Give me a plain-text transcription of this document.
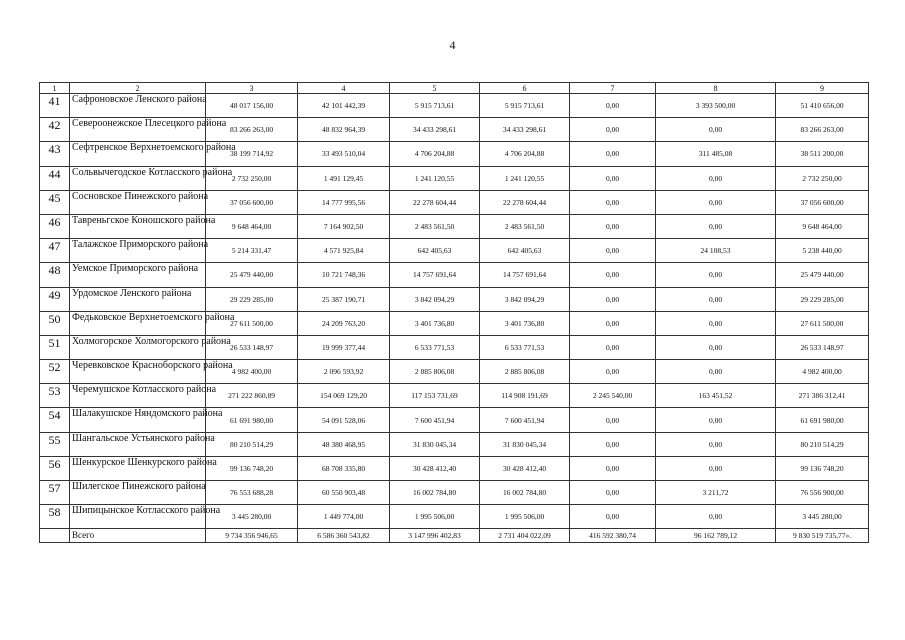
4
1	2	3	4	5	6	7	8	9
41	Сафроновское Ленского района	48 017 156,00	42 101 442,39	5 915 713,61	5 915 713,61	0,00	3 393 500,00	51 410 656,00
42	Североонежское Плесецкого района	83 266 263,00	48 832 964,39	34 433 298,61	34 433 298,61	0,00	0,00	83 266 263,00
43	Сефтренское Верхнетоемского района	38 199 714,92	33 493 510,04	4 706 204,88	4 706 204,88	0,00	311 485,08	38 511 200,00
44	Сольвычегодское Котласского района	2 732 250,00	1 491 129,45	1 241 120,55	1 241 120,55	0,00	0,00	2 732 250,00
45	Сосновское Пинежского района	37 056 600,00	14 777 995,56	22 278 604,44	22 278 604,44	0,00	0,00	37 056 600,00
46	Тавреньгское Коношского района	9 648 464,00	7 164 902,50	2 483 561,50	2 483 561,50	0,00	0,00	9 648 464,00
47	Талажское Приморского района	5 214 331,47	4 571 925,84	642 405,63	642 405,63	0,00	24 108,53	5 238 440,00
48	Уемское Приморского района	25 479 440,00	10 721 748,36	14 757 691,64	14 757 691,64	0,00	0,00	25 479 440,00
49	Урдомское Ленского района	29 229 285,00	25 387 190,71	3 842 094,29	3 842 094,29	0,00	0,00	29 229 285,00
50	Федьковское Верхнетоемского района	27 611 500,00	24 209 763,20	3 401 736,80	3 401 736,80	0,00	0,00	27 611 500,00
51	Холмогорское Холмогорского района	26 533 148,97	19 999 377,44	6 533 771,53	6 533 771,53	0,00	0,00	26 533 148,97
52	Черевковское Красноборского района	4 982 400,00	2 096 593,92	2 885 806,08	2 885 806,08	0,00	0,00	4 982 400,00
53	Черемушское Котласского района	271 222 860,89	154 069 129,20	117 153 731,69	114 908 191,69	2 245 540,00	163 451,52	271 386 312,41
54	Шалакушское Няндомского района	61 691 980,00	54 091 528,06	7 600 451,94	7 600 451,94	0,00	0,00	61 691 980,00
55	Шангальское Устьянского района	80 210 514,29	48 380 468,95	31 830 045,34	31 830 045,34	0,00	0,00	80 210 514,29
56	Шенкурское Шенкурского района	99 136 748,20	68 708 335,80	30 428 412,40	30 428 412,40	0,00	0,00	99 136 748,20
57	Шилегское Пинежского района	76 553 688,28	60 550 903,48	16 002 784,80	16 002 784,80	0,00	3 211,72	76 556 900,00
58	Шипицынское Котласского района	3 445 280,00	1 449 774,00	1 995 506,00	1 995 506,00	0,00	0,00	3 445 280,00
	Всего	9 734 356 946,65	6 586 360 543,82	3 147 996 402,83	2 731 404 022,09	416 592 380,74	96 162 789,12	9 830 519 735,77».
